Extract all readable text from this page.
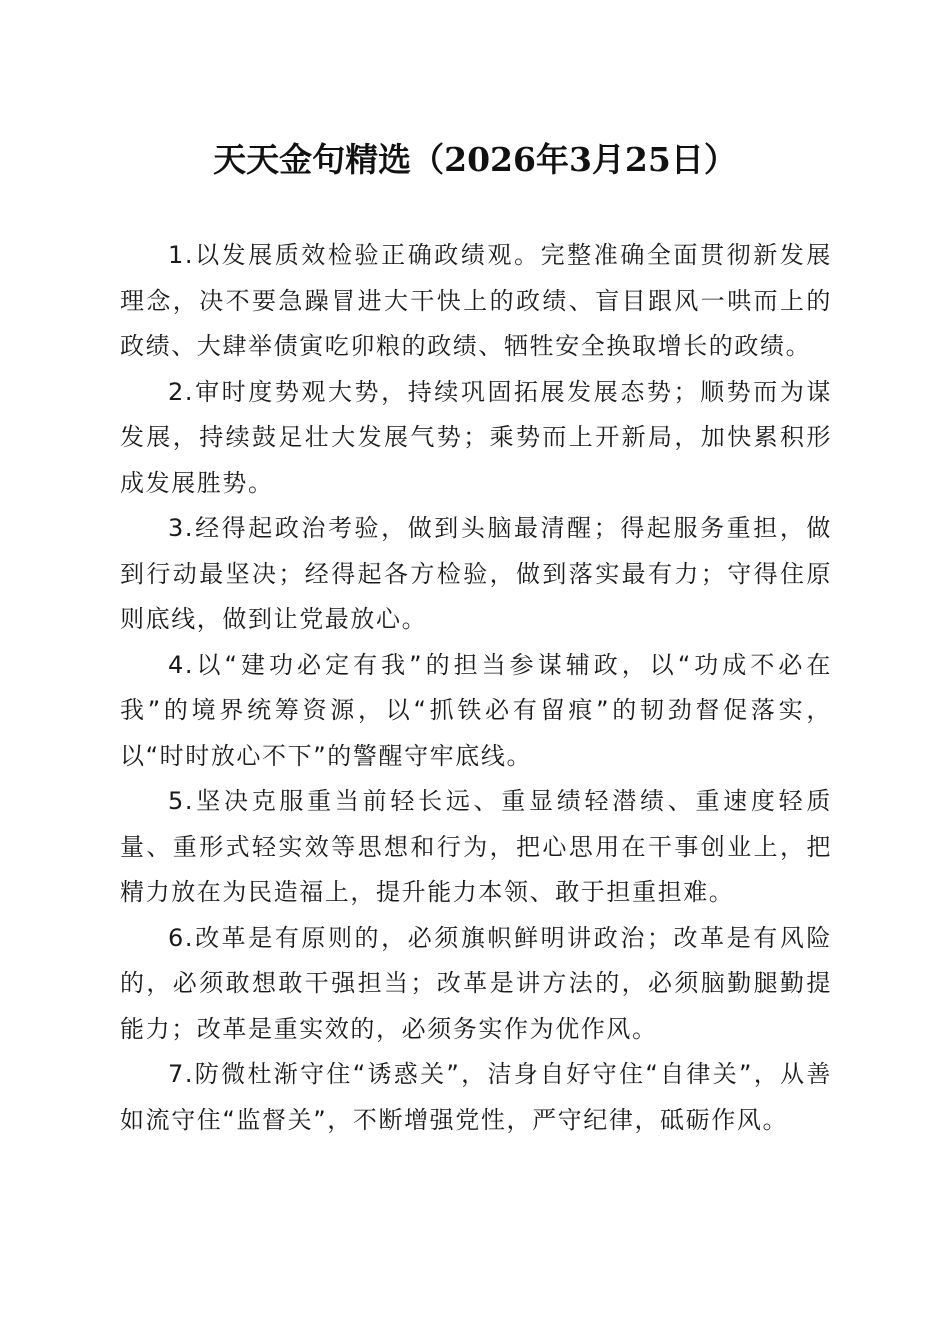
天天金句精选（2026年3月25日）

1.以发展质效检验正确政绩观。完整准确全面贯彻新发展理念，决不要急躁冒进大干快上的政绩、盲目跟风一哄而上的政绩、大肆举债寅吃卯粮的政绩、牺牲安全换取增长的政绩。

2.审时度势观大势，持续巩固拓展发展态势；顺势而为谋发展，持续鼓足壮大发展气势；乘势而上开新局，加快累积形成发展胜势。

3.经得起政治考验，做到头脑最清醒；得起服务重担，做到行动最坚决；经得起各方检验，做到落实最有力；守得住原则底线，做到让党最放心。

4.以“建功必定有我”的担当参谋辅政，以“功成不必在我”的境界统筹资源，以“抓铁必有留痕”的韧劲督促落实，以“时时放心不下”的警醒守牢底线。

5.坚决克服重当前轻长远、重显绩轻潜绩、重速度轻质量、重形式轻实效等思想和行为，把心思用在干事创业上，把精力放在为民造福上，提升能力本领、敢于担重担难。

6.改革是有原则的，必须旗帜鲜明讲政治；改革是有风险的，必须敢想敢干强担当；改革是讲方法的，必须脑勤腿勤提能力；改革是重实效的，必须务实作为优作风。

7.防微杜渐守住“诱惑关”，洁身自好守住“自律关”，从善如流守住“监督关”，不断增强党性，严守纪律，砥砺作风。
